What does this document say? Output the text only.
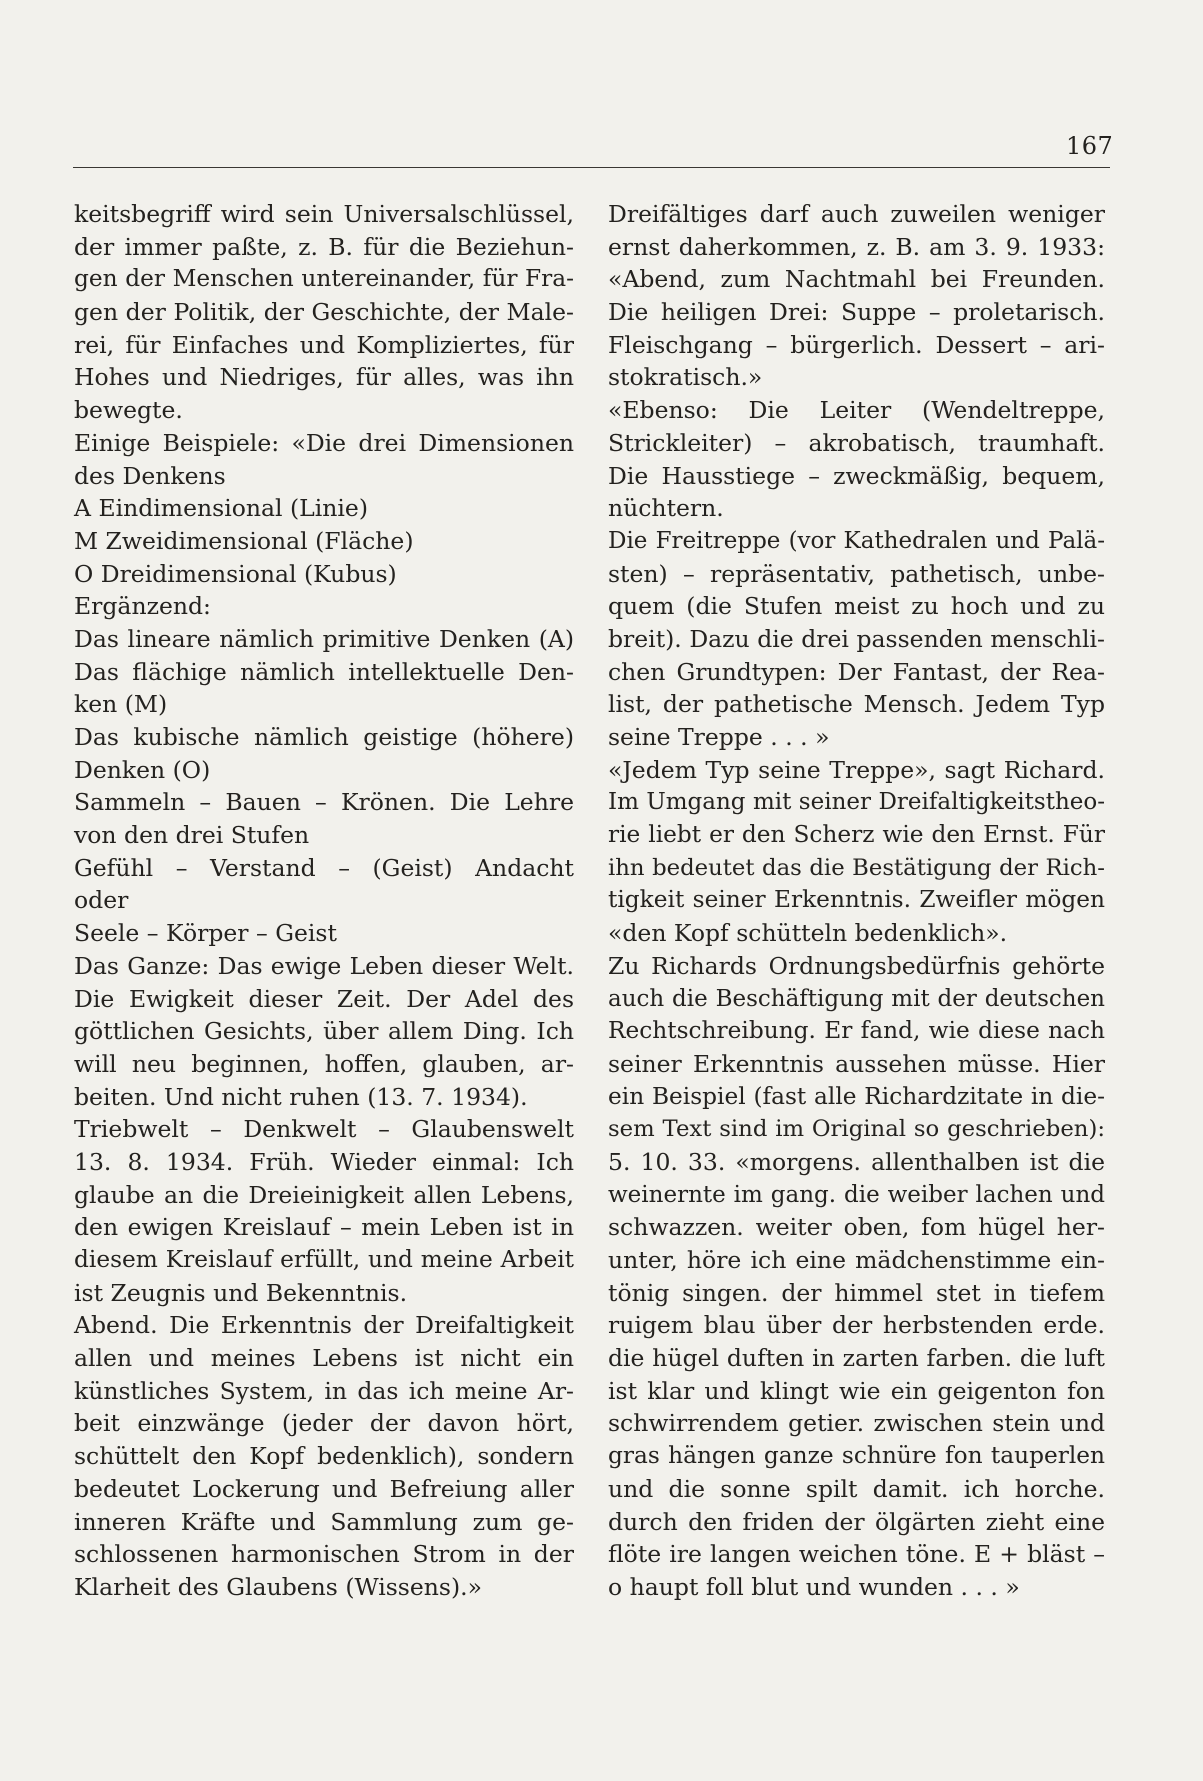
167
keitsbegriff wird sein Universalschlüssel,
der immer paßte, z. B. für die Beziehun-
gen der Menschen untereinander, für Fra-
gen der Politik, der Geschichte, der Male-
rei, für Einfaches und Kompliziertes, für
Hohes und Niedriges, für alles, was ihn
bewegte.
Einige Beispiele: «Die drei Dimensionen
des Denkens
A Eindimensional (Linie)
M Zweidimensional (Fläche)
O Dreidimensional (Kubus)
Ergänzend:
Das lineare nämlich primitive Denken (A)
Das flächige nämlich intellektuelle Den-
ken (M)
Das kubische nämlich geistige (höhere)
Denken (O)
Sammeln – Bauen – Krönen. Die Lehre
von den drei Stufen
Gefühl – Verstand – (Geist) Andacht
oder
Seele – Körper – Geist
Das Ganze: Das ewige Leben dieser Welt.
Die Ewigkeit dieser Zeit. Der Adel des
göttlichen Gesichts, über allem Ding. Ich
will neu beginnen, hoffen, glauben, ar-
beiten. Und nicht ruhen (13. 7. 1934).
Triebwelt – Denkwelt – Glaubenswelt
13. 8. 1934. Früh. Wieder einmal: Ich
glaube an die Dreieinigkeit allen Lebens,
den ewigen Kreislauf – mein Leben ist in
diesem Kreislauf erfüllt, und meine Arbeit
ist Zeugnis und Bekenntnis.
Abend. Die Erkenntnis der Dreifaltigkeit
allen und meines Lebens ist nicht ein
künstliches System, in das ich meine Ar-
beit einzwänge (jeder der davon hört,
schüttelt den Kopf bedenklich), sondern
bedeutet Lockerung und Befreiung aller
inneren Kräfte und Sammlung zum ge-
schlossenen harmonischen Strom in der
Klarheit des Glaubens (Wissens).»
Dreifältiges darf auch zuweilen weniger
ernst daherkommen, z. B. am 3. 9. 1933:
«Abend, zum Nachtmahl bei Freunden.
Die heiligen Drei: Suppe – proletarisch.
Fleischgang – bürgerlich. Dessert – ari-
stokratisch.»
«Ebenso: Die Leiter (Wendeltreppe,
Strickleiter) – akrobatisch, traumhaft.
Die Hausstiege – zweckmäßig, bequem,
nüchtern.
Die Freitreppe (vor Kathedralen und Palä-
sten) – repräsentativ, pathetisch, unbe-
quem (die Stufen meist zu hoch und zu
breit). Dazu die drei passenden menschli-
chen Grundtypen: Der Fantast, der Rea-
list, der pathetische Mensch. Jedem Typ
seine Treppe . . . »
«Jedem Typ seine Treppe», sagt Richard.
Im Umgang mit seiner Dreifaltigkeitstheo-
rie liebt er den Scherz wie den Ernst. Für
ihn bedeutet das die Bestätigung der Rich-
tigkeit seiner Erkenntnis. Zweifler mögen
«den Kopf schütteln bedenklich».
Zu Richards Ordnungsbedürfnis gehörte
auch die Beschäftigung mit der deutschen
Rechtschreibung. Er fand, wie diese nach
seiner Erkenntnis aussehen müsse. Hier
ein Beispiel (fast alle Richardzitate in die-
sem Text sind im Original so geschrieben):
5. 10. 33. «morgens. allenthalben ist die
weinernte im gang. die weiber lachen und
schwazzen. weiter oben, fom hügel her-
unter, höre ich eine mädchenstimme ein-
tönig singen. der himmel stet in tiefem
ruigem blau über der herbstenden erde.
die hügel duften in zarten farben. die luft
ist klar und klingt wie ein geigenton fon
schwirrendem getier. zwischen stein und
gras hängen ganze schnüre fon tauperlen
und die sonne spilt damit. ich horche.
durch den friden der ölgärten zieht eine
flöte ire langen weichen töne. E + bläst –
o haupt foll blut und wunden . . . »
